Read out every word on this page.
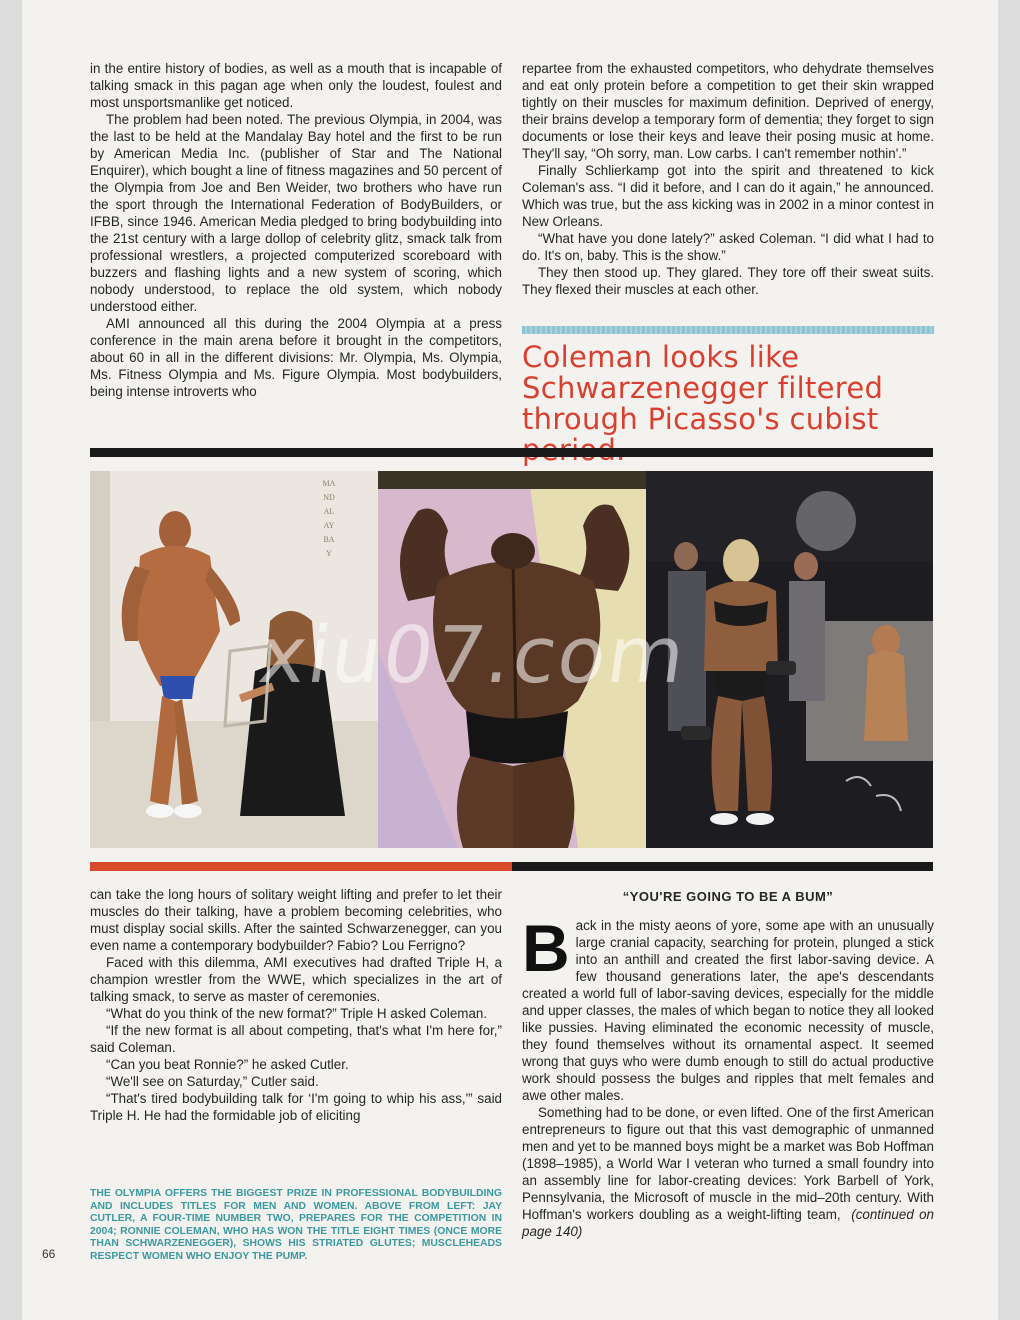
in the entire history of bodies, as well as a mouth that is incapable of talking smack in this pagan age when only the loudest, foulest and most unsportsmanlike get noticed.

The problem had been noted. The previous Olympia, in 2004, was the last to be held at the Mandalay Bay hotel and the first to be run by American Media Inc. (publisher of Star and The National Enquirer), which bought a line of fitness magazines and 50 percent of the Olympia from Joe and Ben Weider, two brothers who have run the sport through the International Federation of BodyBuilders, or IFBB, since 1946. American Media pledged to bring bodybuilding into the 21st century with a large dollop of celebrity glitz, smack talk from professional wrestlers, a projected computerized scoreboard with buzzers and flashing lights and a new system of scoring, which nobody understood, to replace the old system, which nobody understood either.

AMI announced all this during the 2004 Olympia at a press conference in the main arena before it brought in the competitors, about 60 in all in the different divisions: Mr. Olympia, Ms. Olympia, Ms. Fitness Olympia and Ms. Figure Olympia. Most bodybuilders, being intense introverts who

repartee from the exhausted competitors, who dehydrate themselves and eat only protein before a competition to get their skin wrapped tightly on their muscles for maximum definition. Deprived of energy, their brains develop a temporary form of dementia; they forget to sign documents or lose their keys and leave their posing music at home. They'll say, “Oh sorry, man. Low carbs. I can't remember nothin'.”

Finally Schlierkamp got into the spirit and threatened to kick Coleman's ass. “I did it before, and I can do it again,” he announced. Which was true, but the ass kicking was in 2002 in a minor contest in New Orleans.

“What have you done lately?” asked Coleman. “I did what I had to do. It's on, baby. This is the show.”

They then stood up. They glared. They tore off their sweat suits. They flexed their muscles at each other.

Coleman looks like Schwarzenegger filtered through Picasso's cubist
MANDALAY BAY
xiu07.com

can take the long hours of solitary weight lifting and prefer to let their muscles do their talking, have a problem becoming celebrities, who must display social skills. After the sainted Schwarzenegger, can you even name a contemporary bodybuilder? Fabio? Lou Ferrigno?

Faced with this dilemma, AMI executives had drafted Triple H, a champion wrestler from the WWE, which specializes in the art of talking smack, to serve as master of ceremonies.

“What do you think of the new format?” Triple H asked Coleman.

“If the new format is all about competing, that's what I'm here for,” said Coleman.

“Can you beat Ronnie?” he asked Cutler.

“We'll see on Saturday,” Cutler said.

“That's tired bodybuilding talk for ‘I'm going to whip his ass,'” said Triple H. He had the formidable job of eliciting

“YOU'RE GOING TO BE A BUM”

Back in the misty aeons of yore, some ape with an unusually large cranial capacity, searching for protein, plunged a stick into an anthill and created the first labor-saving device. A few thousand generations later, the ape's descendants created a world full of labor-saving devices, especially for the middle and upper classes, the males of which began to notice they all looked like pussies. Having eliminated the economic necessity of muscle, they found themselves without its ornamental aspect. It seemed wrong that guys who were dumb enough to still do actual productive work should possess the bulges and ripples that melt females and awe other males.

Something had to be done, or even lifted. One of the first American entrepreneurs to figure out that this vast demographic of unmanned men and yet to be manned boys might be a market was Bob Hoffman (1898–1985), a World War I veteran who turned a small foundry into an assembly line for labor-creating devices: York Barbell of York, Pennsylvania, the Microsoft of muscle in the mid–20th century. With Hoffman's workers doubling as a weight-lifting team, (continued on page 140)

THE OLYMPIA OFFERS THE BIGGEST PRIZE IN PROFESSIONAL BODYBUILDING AND INCLUDES TITLES FOR MEN AND WOMEN. ABOVE FROM LEFT: JAY CUTLER, A FOUR-TIME NUMBER TWO, PREPARES FOR THE COMPETITION IN 2004; RONNIE COLEMAN, WHO HAS WON THE TITLE EIGHT TIMES (ONCE MORE THAN SCHWARZENEGGER), SHOWS HIS STRIATED GLUTES; MUSCLEHEADS RESPECT WOMEN WHO ENJOY THE PUMP.
66
